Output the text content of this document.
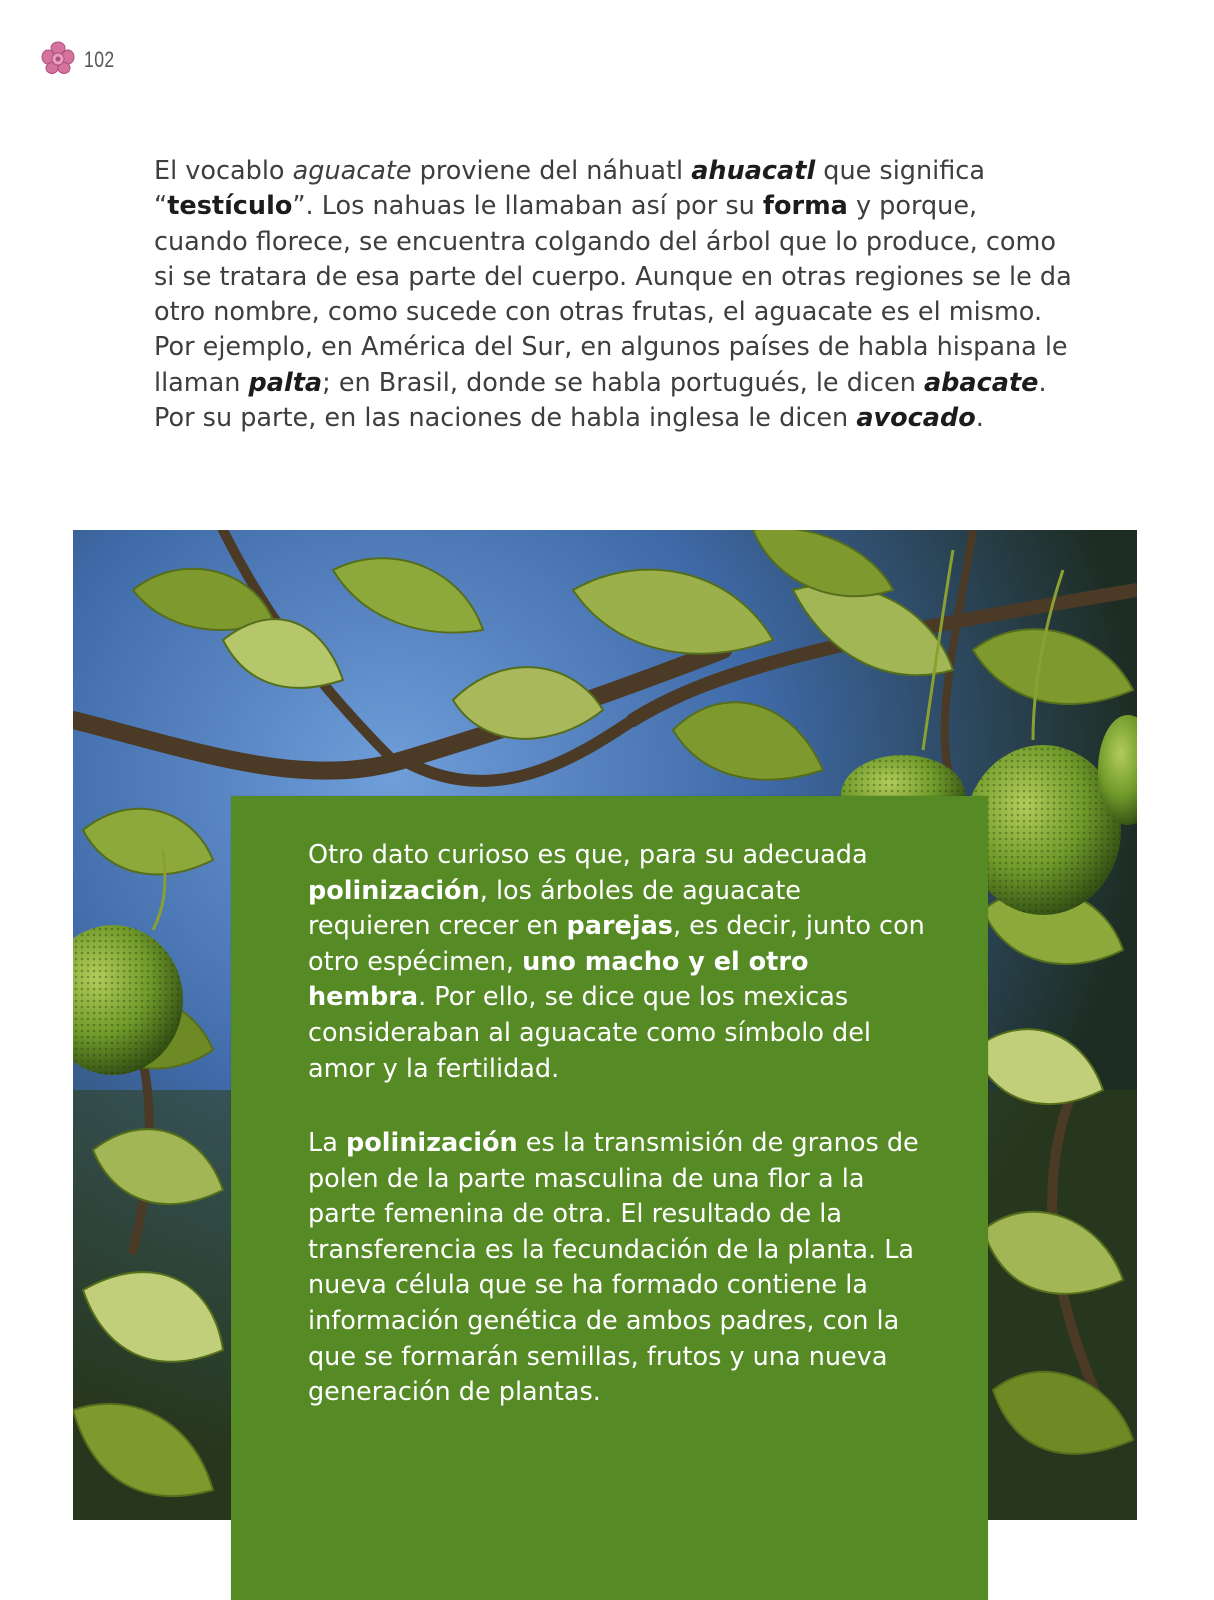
102

El vocablo aguacate proviene del náhuatl ahuacatl que significa “testículo”. Los nahuas le llamaban así por su forma y porque, cuando florece, se encuentra colgando del árbol que lo produce, como si se tratara de esa parte del cuerpo. Aunque en otras regiones se le da otro nombre, como sucede con otras frutas, el aguacate es el mismo. Por ejemplo, en América del Sur, en algunos países de habla hispana le llaman palta; en Brasil, donde se habla portugués, le dicen abacate. Por su parte, en las naciones de habla inglesa le dicen avocado.

Otro dato curioso es que, para su adecuada polinización, los árboles de aguacate requieren crecer en parejas, es decir, junto con otro espécimen, uno macho y el otro hembra. Por ello, se dice que los mexicas consideraban al aguacate como símbolo del amor y la fertilidad.

La polinización es la transmisión de granos de polen de la parte masculina de una flor a la parte femenina de otra. El resultado de la transferencia es la fecundación de la planta. La nueva célula que se ha formado contiene la información genética de ambos padres, con la que se formarán semillas, frutos y una nueva generación de plantas.
